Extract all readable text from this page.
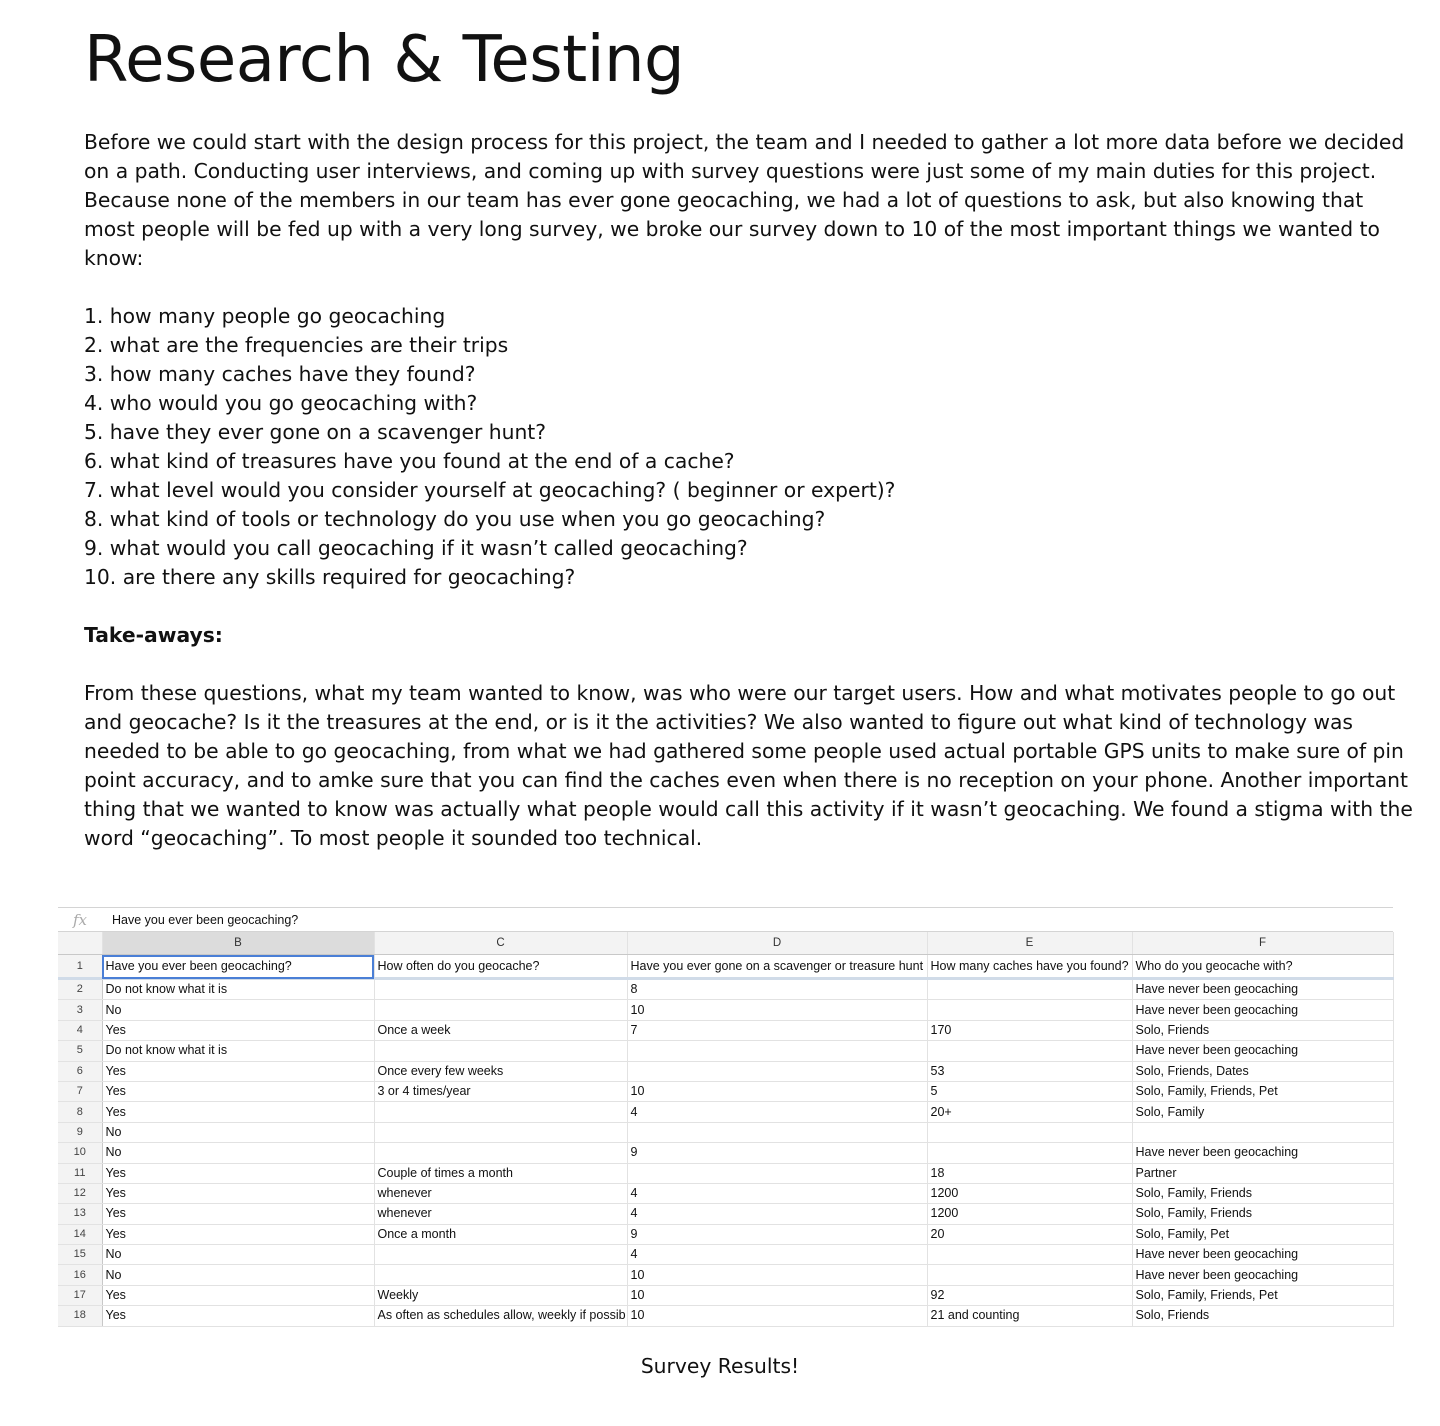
Research & Testing

Before we could start with the design process for this project, the team and I needed to gather a lot more data before we decided on a path. Conducting user interviews, and coming up with survey questions were just some of my main duties for this project. Because none of the members in our team has ever gone geocaching, we had a lot of questions to ask, but also knowing that most people will be fed up with a very long survey, we broke our survey down to 10 of the most important things we wanted to know:

1. how many people go geocaching
2. what are the frequencies are their trips
3. how many caches have they found?
4. who would you go geocaching with?
5. have they ever gone on a scavenger hunt?
6. what kind of treasures have you found at the end of a cache?
7. what level would you consider yourself at geocaching? ( beginner or expert)?
8. what kind of tools or technology do you use when you go geocaching?
9. what would you call geocaching if it wasn’t called geocaching?
10. are there any skills required for geocaching?

Take-aways:

From these questions, what my team wanted to know, was who were our target users. How and what motivates people to go out and geocache? Is it the treasures at the end, or is it the activities? We also wanted to figure out what kind of technology was needed to be able to go geocaching, from what we had gathered some people used actual portable GPS units to make sure of pin point accuracy, and to amke sure that you can find the caches even when there is no reception on your phone. Another important thing that we wanted to know was actually what people would call this activity if it wasn’t geocaching. We found a stigma with the word “geocaching”. To most people it sounded too technical.

fx	Have you ever been geocaching?
	B	C	D	E	F
1	Have you ever been geocaching?	How often do you geocache?	Have you ever gone on a scavenger or treasure hunt	How many caches have you found?	Who do you geocache with?
2	Do not know what it is		8		Have never been geocaching
3	No		10		Have never been geocaching
4	Yes	Once a week	7	170	Solo, Friends
5	Do not know what it is				Have never been geocaching
6	Yes	Once every few weeks		53	Solo, Friends, Dates
7	Yes	3 or 4 times/year	10	5	Solo, Family, Friends, Pet
8	Yes		4	20+	Solo, Family
9	No				
10	No		9		Have never been geocaching
11	Yes	Couple of times a month		18	Partner
12	Yes	whenever	4	1200	Solo, Family, Friends
13	Yes	whenever	4	1200	Solo, Family, Friends
14	Yes	Once a month	9	20	Solo, Family, Pet
15	No		4		Have never been geocaching
16	No		10		Have never been geocaching
17	Yes	Weekly	10	92	Solo, Family, Friends, Pet
18	Yes	As often as schedules allow, weekly if possib	10	21 and counting	Solo, Friends
Survey Results!
